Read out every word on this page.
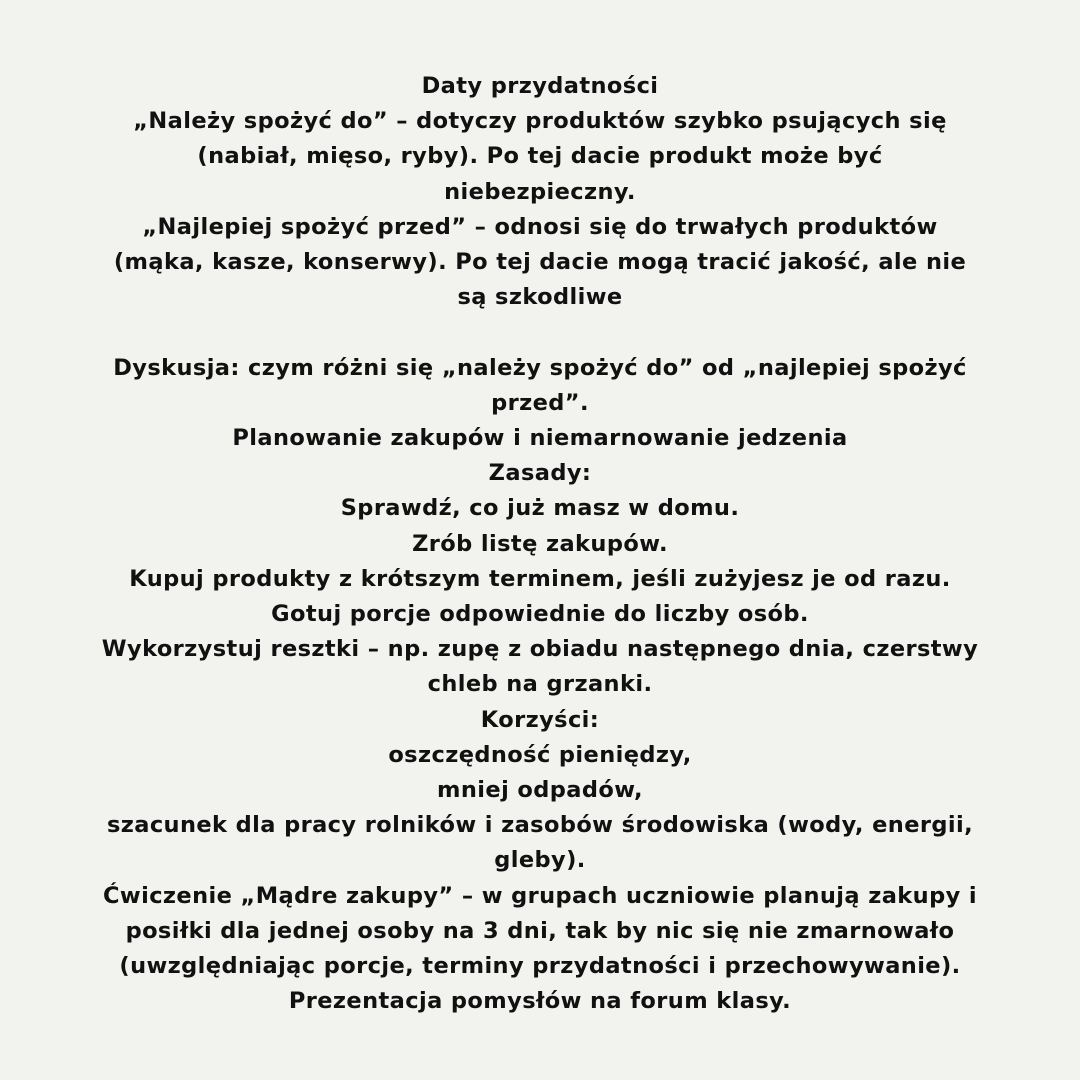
Daty przydatności

„Należy spożyć do” – dotyczy produktów szybko psujących się (nabiał, mięso, ryby). Po tej dacie produkt może być niebezpieczny.

„Najlepiej spożyć przed” – odnosi się do trwałych produktów (mąka, kasze, konserwy). Po tej dacie mogą tracić jakość, ale nie są szkodliwe

Dyskusja: czym różni się „należy spożyć do” od „najlepiej spożyć przed”.

Planowanie zakupów i niemarnowanie jedzenia

Zasady:

Sprawdź, co już masz w domu.

Zrób listę zakupów.

Kupuj produkty z krótszym terminem, jeśli zużyjesz je od razu.

Gotuj porcje odpowiednie do liczby osób.

Wykorzystuj resztki – np. zupę z obiadu następnego dnia, czerstwy chleb na grzanki.

Korzyści:

oszczędność pieniędzy,

mniej odpadów,

szacunek dla pracy rolników i zasobów środowiska (wody, energii, gleby).

Ćwiczenie „Mądre zakupy” – w grupach uczniowie planują zakupy i posiłki dla jednej osoby na 3 dni, tak by nic się nie zmarnowało (uwzględniając porcje, terminy przydatności i przechowywanie).

Prezentacja pomysłów na forum klasy.
